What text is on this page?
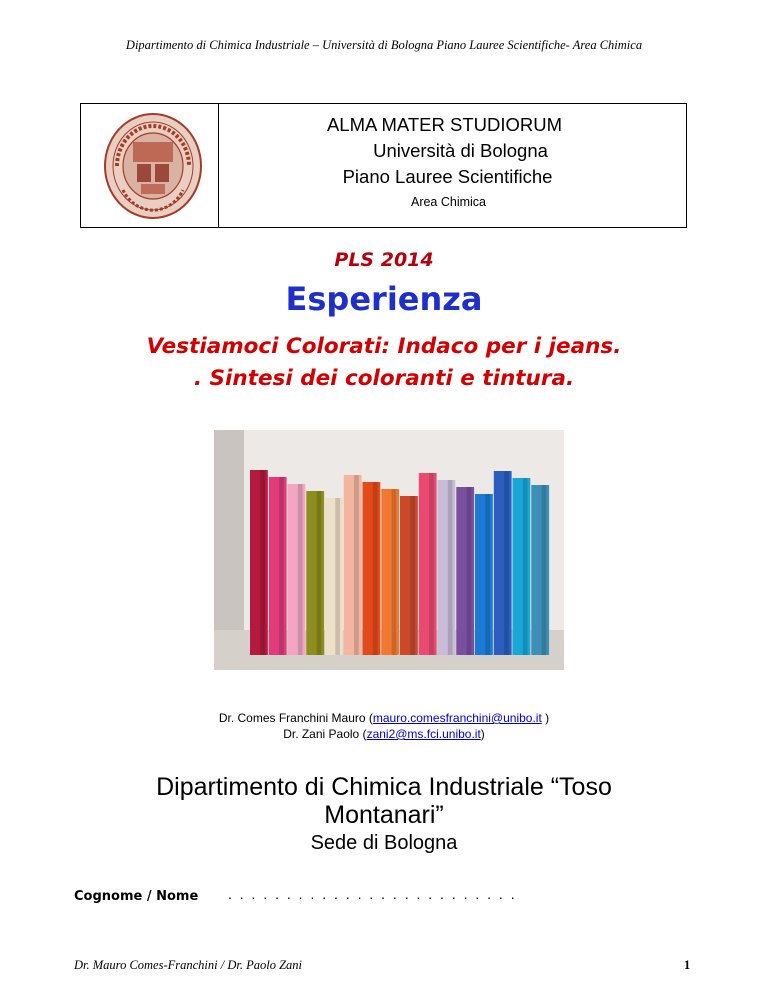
Dipartimento di Chimica Industriale – Università di Bologna Piano Lauree Scientifiche- Area Chimica
ALMA MATER STUDIORUM
Università di Bologna
Piano Lauree Scientifiche
Area Chimica
PLS 2014
Esperienza
Vestiamoci Colorati: Indaco per i jeans.
. Sintesi dei coloranti e tintura.
Dr. Comes Franchini Mauro (mauro.comesfranchini@unibo.it )
Dr. Zani Paolo (zani2@ms.fci.unibo.it)
Dipartimento di Chimica Industriale “Toso
Montanari”
Sede di Bologna
Cognome / Nome . . . . . . . . . . . . . . . . . . . . . . . . .
Dr. Mauro Comes-Franchini / Dr. Paolo Zani	1
